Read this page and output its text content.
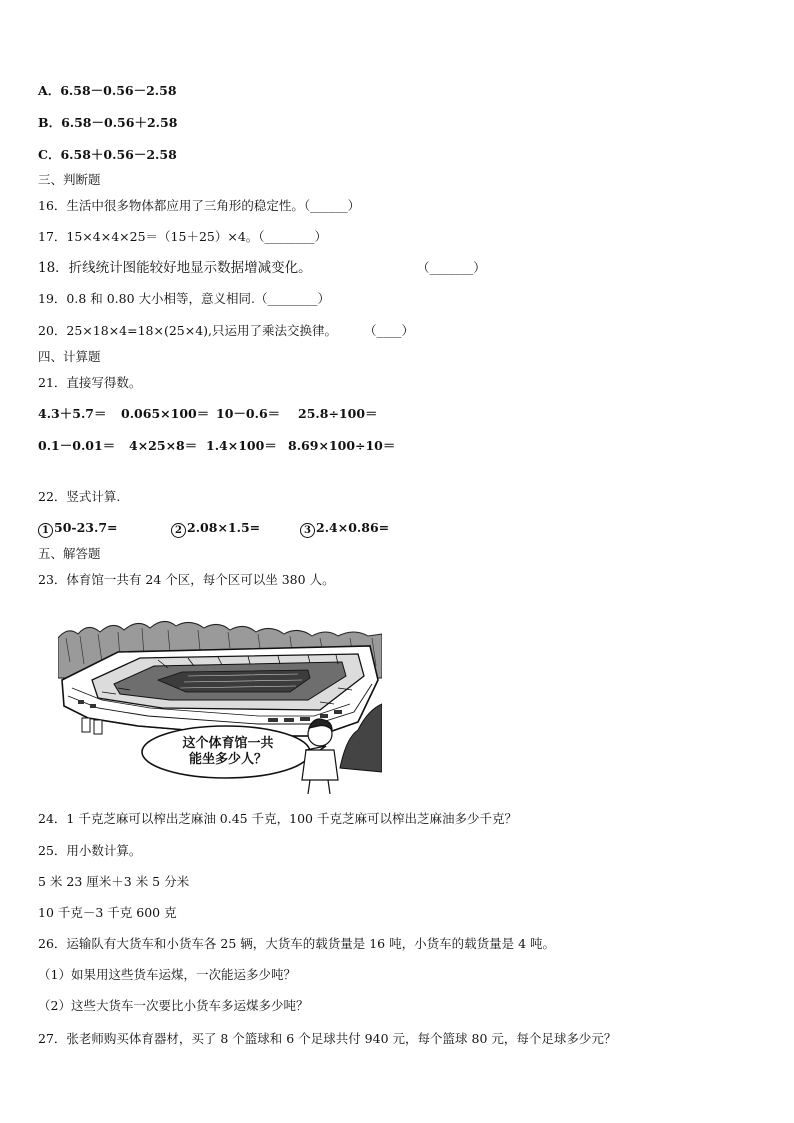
A．6.58－0.56－2.58
B．6.58－0.56＋2.58
C．6.58＋0.56－2.58
三、判断题
16．生活中很多物体都应用了三角形的稳定性。（______）
17．15×4×4×25＝（15＋25）×4。（________）
18．折线统计图能较好地显示数据增减变化。	（_______）
19．0.8 和 0.80 大小相等，意义相同.（________）
20．25×18×4=18×(25×4),只运用了乘法交换律。 （____）
四、计算题
21．直接写得数。

4.3＋5.7＝

0.065×100＝

10－0.6＝

25.8÷100＝

0.1－0.01＝

4×25×8＝

1.4×100＝

8.69×100÷10＝

22．竖式计算.

1 50-23.7=

	2 2.08×1.5=

	3 2.4×0.86=

五、解答题
23．体育馆一共有 24 个区，每个区可以坐 380 人。
这个体育馆一共
能坐多少人？
24．1 千克芝麻可以榨出芝麻油 0.45 千克，100 千克芝麻可以榨出芝麻油多少千克？
25．用小数计算。
5 米 23 厘米＋3 米 5 分米
10 千克－3 千克 600 克
26．运输队有大货车和小货车各 25 辆，大货车的载货量是 16 吨，小货车的载货量是 4 吨。
（1）如果用这些货车运煤，一次能运多少吨？
（2）这些大货车一次要比小货车多运煤多少吨？
27．张老师购买体育器材，买了 8 个篮球和 6 个足球共付 940 元，每个篮球 80 元，每个足球多少元？
